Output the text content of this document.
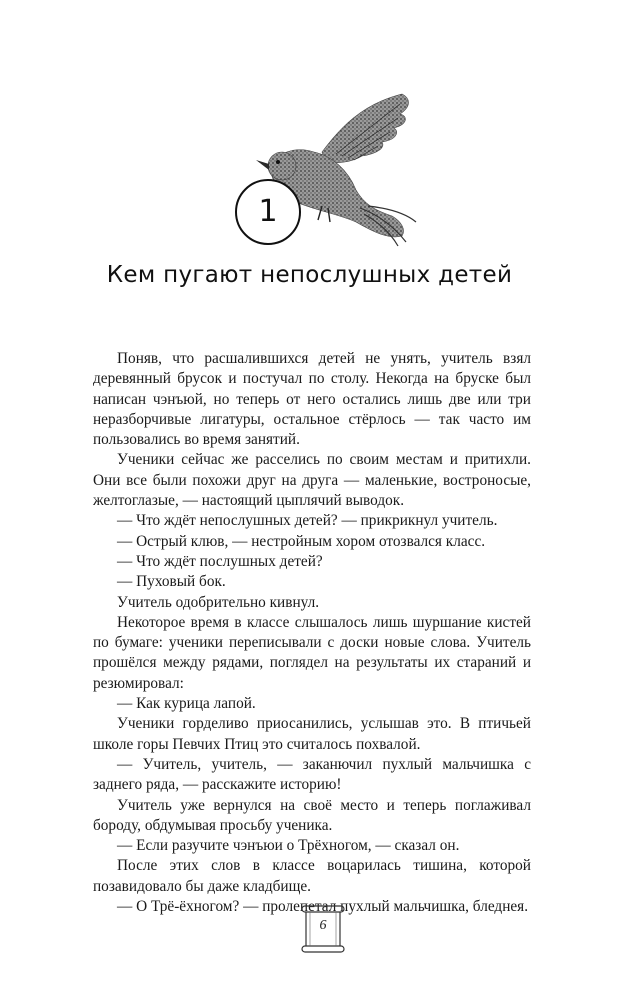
1
Кем пугают непослушных детей

Поняв, что расшалившихся детей не унять, учитель взял деревянный брусок и постучал по столу. Некогда на бруске был написан чэнъюй, но теперь от него остались лишь две или три неразборчивые лигатуры, остальное стёрлось — так часто им пользовались во время занятий.

Ученики сейчас же расселись по своим местам и притихли. Они все были похожи друг на друга — маленькие, востроносые, желтоглазые, — настоящий цыплячий выводок.

— Что ждёт непослушных детей? — прикрикнул учитель.

— Острый клюв, — нестройным хором отозвался класс.

— Что ждёт послушных детей?

— Пуховый бок.

Учитель одобрительно кивнул.

Некоторое время в классе слышалось лишь шуршание кистей по бумаге: ученики переписывали с доски новые слова. Учитель прошёлся между рядами, поглядел на результаты их стараний и резюмировал:

— Как курица лапой.

Ученики горделиво приосанились, услышав это. В птичьей школе горы Певчих Птиц это считалось похвалой.

— Учитель, учитель, — заканючил пухлый мальчишка с заднего ряда, — расскажите историю!

Учитель уже вернулся на своё место и теперь поглаживал бороду, обдумывая просьбу ученика.

— Если разучите чэнъюи о Трёхногом, — сказал он.

После этих слов в классе воцарилась тишина, которой позавидовало бы даже кладбище.

— О Трё-ёхногом? — пролепетал пухлый мальчишка, бледнея.

6
